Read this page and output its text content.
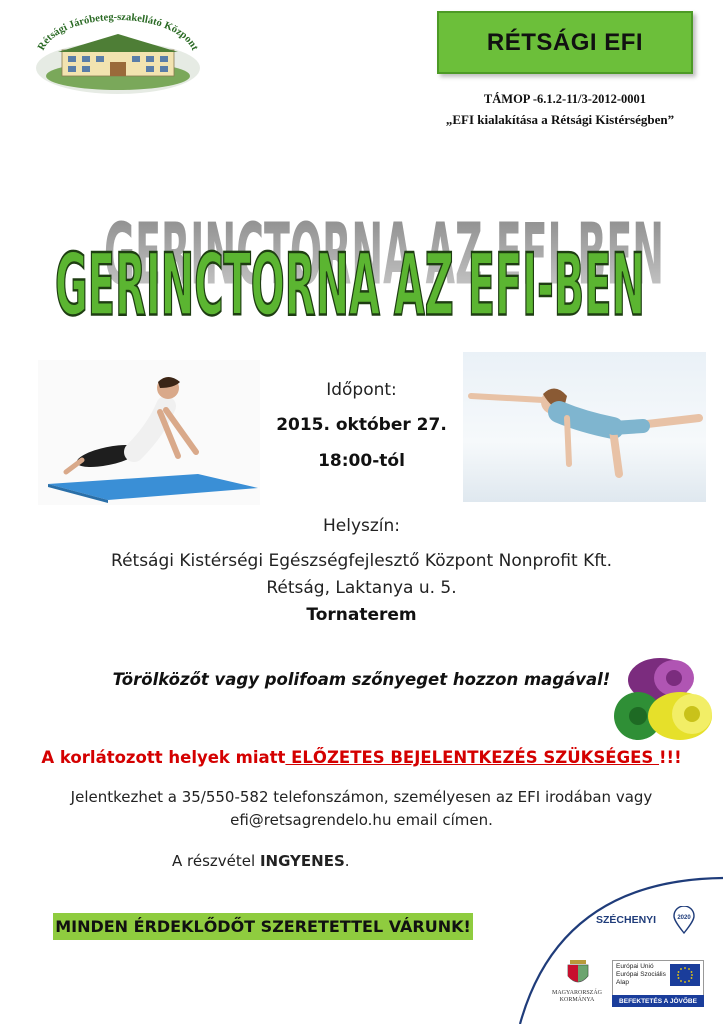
Rétsági Járóbeteg-szakellátó Központ	RÉTSÁGI EFI
TÁMOP -6.1.2-11/3-2012-0001
„EFI kialakítása a Rétsági Kistérségben”
GERINCTORNA AZ EFI-BEN
GERINCTORNA AZ EFI-BEN
Időpont:
2015. október 27.
18:00-tól
Helyszín:
Rétsági Kistérségi Egészségfejlesztő Központ Nonprofit Kft.
Rétság, Laktanya u. 5.
Tornaterem
Törölközőt vagy polifoam szőnyeget hozzon magával!
A korlátozott helyek miatt ELŐZETES BEJELENTKEZÉS SZÜKSÉGES !!!
Jelentkezhet a 35/550-582 telefonszámon, személyesen az EFI irodában vagy
efi@retsagrendelo.hu email címen.
A részvétel INGYENES.
MINDEN ÉRDEKLŐDŐT SZERETETTEL VÁRUNK!	SZÉCHENYI	2020
MAGYARORSZÁG
KORMÁNYA
Európai Unió
Európai Szociális
Alap
BEFEKTETÉS A JÖVŐBE
